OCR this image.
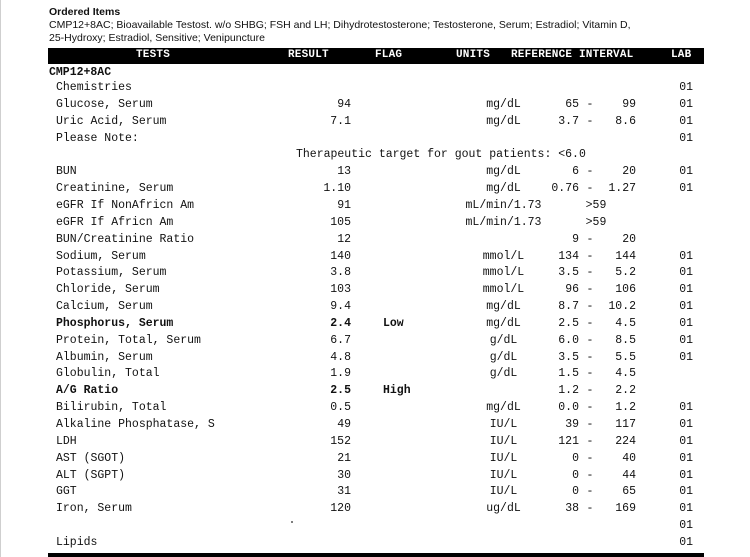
Ordered Items
CMP12+8AC; Bioavailable Testost. w/o SHBG; FSH and LH; Dihydrotestosterone; Testosterone, Serum; Estradiol; Vitamin D,
25-Hydroxy; Estradiol, Sensitive; Venipuncture
TESTS	RESULT	FLAG	UNITS REFERENCE INTERVAL	LAB
CMP12+8AC
Chemistries	01
Glucose, Serum	94	mg/dL	65 -	99	01
Uric Acid, Serum	7.1	mg/dL	3.7 -	8.6	01
Please Note:	01
Therapeutic target for gout patients: <6.0
BUN	13	mg/dL	6 -	20	01
Creatinine, Serum	1.10	mg/dL	0.76 -	1.27	01
eGFR If NonAfricn Am	91	mL/min/1.73	>59
eGFR If Africn Am	105	mL/min/1.73	>59
BUN/Creatinine Ratio	12	9 -	20
Sodium, Serum	140	mmol/L	134 -	144	01
Potassium, Serum	3.8	mmol/L	3.5 -	5.2	01
Chloride, Serum	103	mmol/L	96 -	106	01
Calcium, Serum	9.4	mg/dL	8.7 -	10.2	01
Phosphorus, Serum	2.4	Low	mg/dL	2.5 -	4.5	01
Protein, Total, Serum	6.7	g/dL	6.0 -	8.5	01
Albumin, Serum	4.8	g/dL	3.5 -	5.5	01
Globulin, Total	1.9	g/dL	1.5 -	4.5
A/G Ratio	2.5	High	1.2 -	2.2
Bilirubin, Total	0.5	mg/dL	0.0 -	1.2	01
Alkaline Phosphatase, S	49	IU/L	39 -	117	01
LDH	152	IU/L	121 -	224	01
AST (SGOT)	21	IU/L	0 -	40	01
ALT (SGPT)	30	IU/L	0 -	44	01
GGT	31	IU/L	0 -	65	01
Iron, Serum	120	ug/dL	38 -	169	01
01
Lipids	01
